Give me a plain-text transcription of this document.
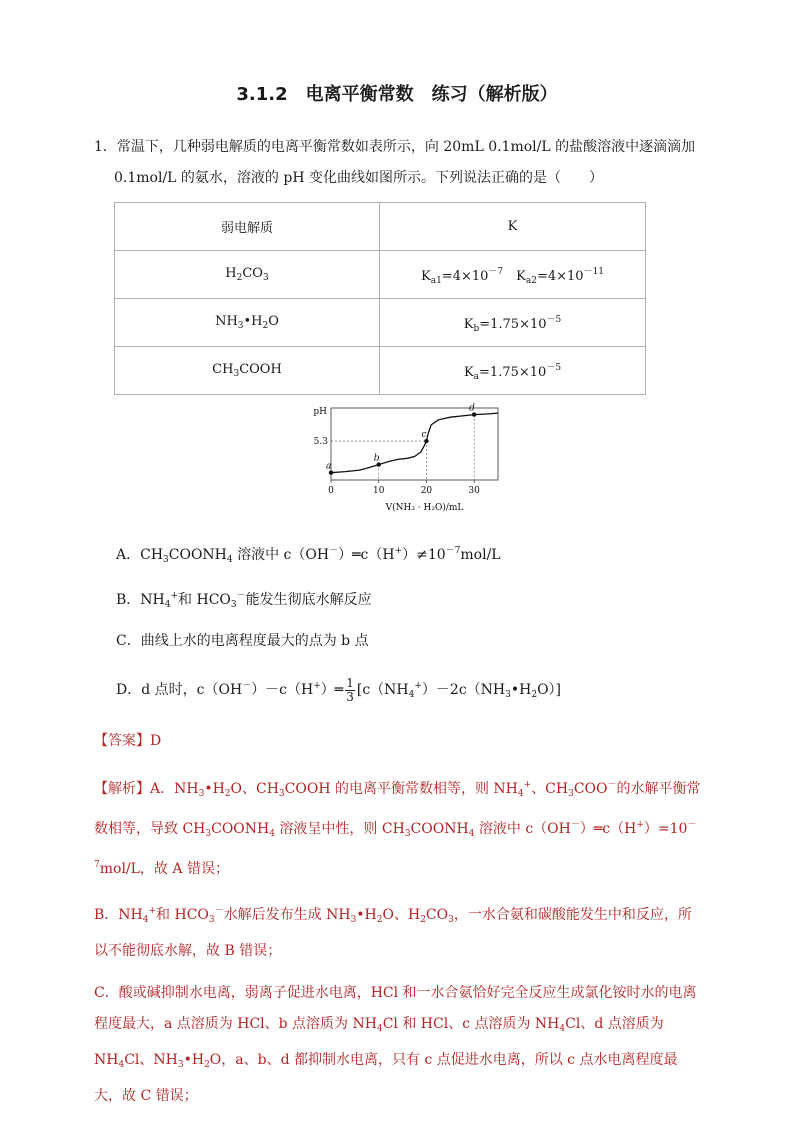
3.1.2　电离平衡常数　练习（解析版）
1．常温下，几种弱电解质的电离平衡常数如表所示，向 20mL 0.1mol/L 的盐酸溶液中逐滴滴加
0.1mol/L 的氨水，溶液的 pH 变化曲线如图所示。下列说法正确的是（　　）
弱电解质	K
$H_2CO_3$	$K_{a1}=4\times 10^{-7}$　$K_{a2}=4\times 10^{-11}$
$NH_3•H_2O$	$K_b=1.75\times 10^{-5}$
$CH_3COOH$	$K_a=1.75\times 10^{-5}$
a
b
c
d
0	10	20	30
5.3
pH
V(NH₃ · H₂O)/mL
A．$CH_3COONH_4$ 溶液中 $c(OH^-)═c(H^+)\ne 10^{-7}mol/L$
B．$NH_4^+$和 $HCO_3^-$能发生彻底水解反应
C．曲线上水的电离程度最大的点为 b 点
D．d 点时，c（OH－）－c（H+）═ $\frac{1}{3}$ $[c(NH_4^+)-2c(NH_3•H_2O)]$
【答案】D

【解析】A．$NH_3•H_2O$、$CH_3COOH$ 的电离平衡常数相等，则 $NH_4^+$、$CH_3COO^-$的水解平衡常数相等，导致 $CH_3COONH_4$ 溶液呈中性，则 $CH_3COONH_4$ 溶液中 $c(OH^-)═c(H^+)=10^{-7}mol/L$，故 A 错误；

B．$NH_4^+$和 $HCO_3^-$水解后发布生成 $NH_3•H_2O$、$H_2CO_3$，一水合氨和碳酸能发生中和反应，所以不能彻底水解，故 B 错误；

C．酸或碱抑制水电离，弱离子促进水电离，HCl 和一水合氨恰好完全反应生成氯化铵时水的电离程度最大，a 点溶质为 HCl、b 点溶质为 $NH_4Cl$ 和 HCl、c 点溶质为 $NH_4Cl$、d 点溶质为 $NH_4Cl$、$NH_3•H_2O$，a、b、d 都抑制水电离，只有 c 点促进水电离，所以 c 点水电离程度最大，故 C 错误；
